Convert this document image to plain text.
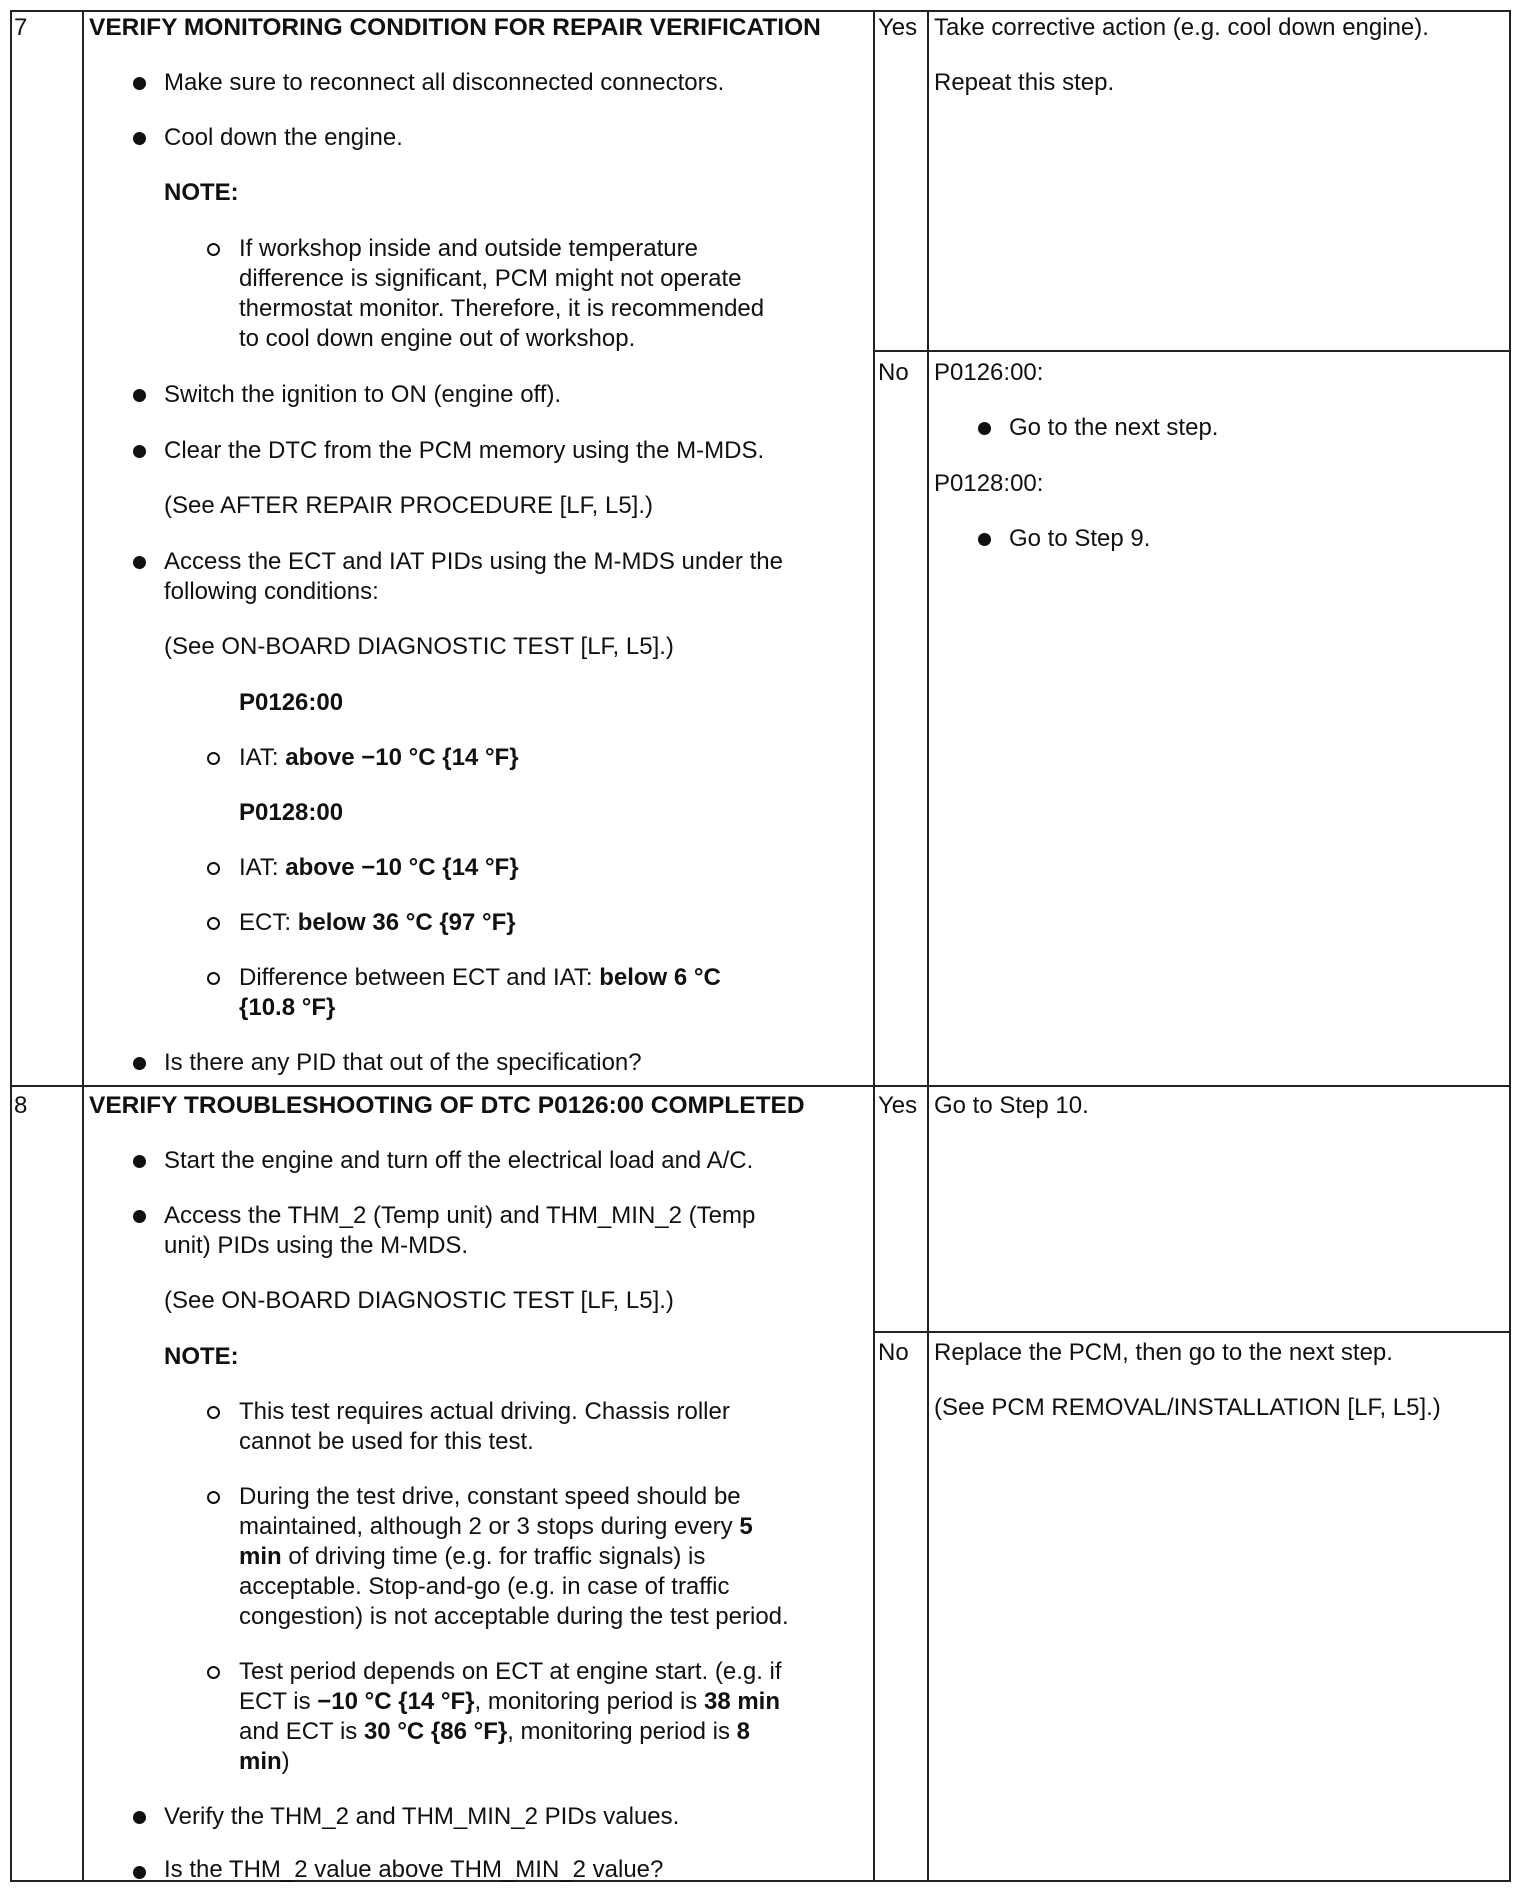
7	VERIFY MONITORING CONDITION FOR REPAIR VERIFICATION
Make sure to reconnect all disconnected connectors.
Cool down the engine.
NOTE:
If workshop inside and outside temperature
difference is significant, PCM might not operate
thermostat monitor. Therefore, it is recommended
to cool down engine out of workshop.
Switch the ignition to ON (engine off).
Clear the DTC from the PCM memory using the M-MDS.
(See AFTER REPAIR PROCEDURE [LF, L5].)
Access the ECT and IAT PIDs using the M-MDS under the
following conditions:
(See ON-BOARD DIAGNOSTIC TEST [LF, L5].)
P0126:00
IAT: above −10 °C {14 °F}
P0128:00
IAT: above −10 °C {14 °F}
ECT: below 36 °C {97 °F}
Difference between ECT and IAT: below 6 °C
{10.8 °F}
Is there any PID that out of the specification?
Yes Take corrective action (e.g. cool down engine).
Repeat this step.
No P0126:00:
Go to the next step.
P0128:00:
Go to Step 9.
8	VERIFY TROUBLESHOOTING OF DTC P0126:00 COMPLETED
Start the engine and turn off the electrical load and A/C.
Access the THM_2 (Temp unit) and THM_MIN_2 (Temp
unit) PIDs using the M-MDS.
(See ON-BOARD DIAGNOSTIC TEST [LF, L5].)
NOTE:
This test requires actual driving. Chassis roller
cannot be used for this test.
During the test drive, constant speed should be
maintained, although 2 or 3 stops during every 5
min of driving time (e.g. for traffic signals) is
acceptable. Stop-and-go (e.g. in case of traffic
congestion) is not acceptable during the test period.
Test period depends on ECT at engine start. (e.g. if
ECT is −10 °C {14 °F}, monitoring period is 38 min
and ECT is 30 °C {86 °F}, monitoring period is 8
min)
Verify the THM_2 and THM_MIN_2 PIDs values.
Is the THM_2 value above THM_MIN_2 value?
Yes Go to Step 10.
No Replace the PCM, then go to the next step.
(See PCM REMOVAL/INSTALLATION [LF, L5].)
